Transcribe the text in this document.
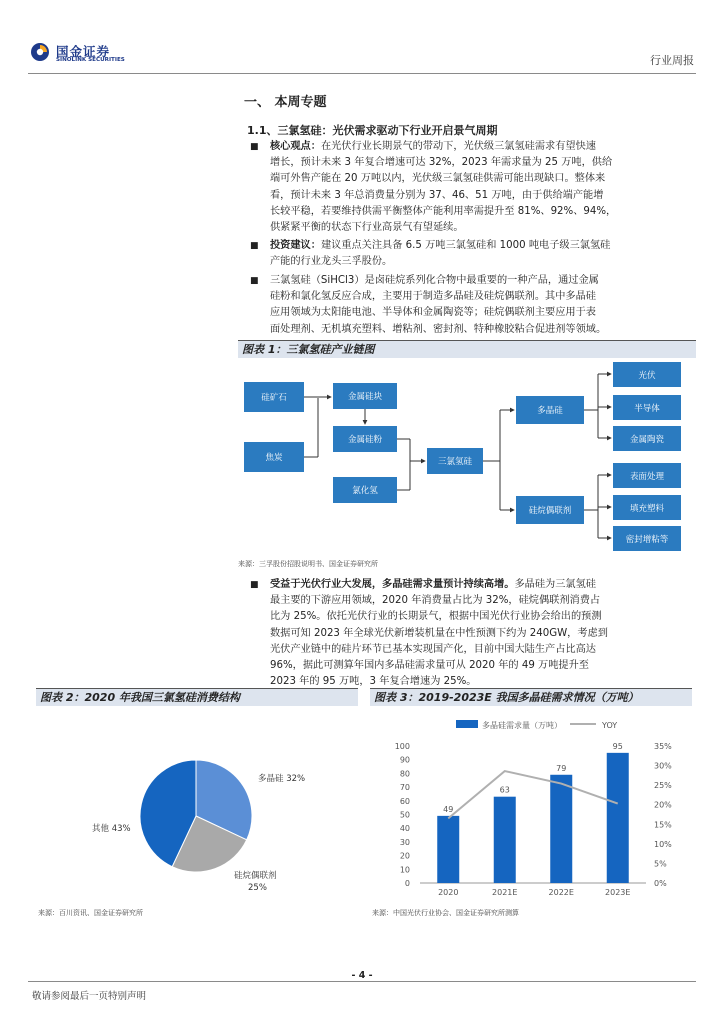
国金证券
SINOLINK SECURITIES	行业周报
一、 本周专题
1.1、三氯氢硅：光伏需求驱动下行业开启景气周期
■ 核心观点：在光伏行业长期景气的带动下，光伏级三氯氢硅需求有望快速
增长，预计未来 3 年复合增速可达 32%，2023 年需求量为 25 万吨，供给
端可外售产能在 20 万吨以内，光伏级三氯氢硅供需可能出现缺口。整体来
看，预计未来 3 年总消费量分别为 37、46、51 万吨，由于供给端产能增
长较平稳，若要维持供需平衡整体产能利用率需提升至 81%、92%、94%，
供紧紧平衡的状态下行业高景气有望延续。
■ 投资建议：建议重点关注具备 6.5 万吨三氯氢硅和 1000 吨电子级三氯氢硅
产能的行业龙头三孚股份。
■ 三氯氢硅（SiHCl3）是卤硅烷系列化合物中最重要的一种产品，通过金属
硅粉和氯化氢反应合成，主要用于制造多晶硅及硅烷偶联剂。其中多晶硅
应用领域为太阳能电池、半导体和金属陶瓷等；硅烷偶联剂主要应用于表
面处理剂、无机填充塑料、增粘剂、密封剂、特种橡胶粘合促进剂等领域。
图表 1：三氯氢硅产业链图
硅矿石
焦炭
金属硅块
金属硅粉
氯化氢
三氯氢硅
多晶硅
硅烷偶联剂
光伏
半导体
金属陶瓷
表面处理
填充塑料
密封增粘等
来源：三孚股份招股说明书、国金证券研究所
■ 受益于光伏行业大发展，多晶硅需求量预计持续高增。多晶硅为三氯氢硅
最主要的下游应用领域，2020 年消费量占比为 32%，硅烷偶联剂消费占
比为 25%。依托光伏行业的长期景气，根据中国光伏行业协会给出的预测
数据可知 2023 年全球光伏新增装机量在中性预测下约为 240GW，考虑到
光伏产业链中的硅片环节已基本实现国产化，目前中国大陆生产占比高达
96%，据此可测算年国内多晶硅需求量可从 2020 年的 49 万吨提升至
2023 年的 95 万吨，3 年复合增速为 25%。
图表 2：2020 年我国三氯氢硅消费结构
多晶硅 32%
硅烷偶联剂
25%
其他 43%
来源：百川资讯、国金证券研究所
图表 3：2019-2023E 我国多晶硅需求情况（万吨）
多晶硅需求量（万吨）	YOY
0
10
20
30
40
50
60
70
80
90
100
0%
5%
10%
15%
20%
25%
30%
35%
49
63
79
95
2020	2021E	2022E	2023E
来源：中国光伏行业协会、国金证券研究所测算
- 4 -
敬请参阅最后一页特别声明
